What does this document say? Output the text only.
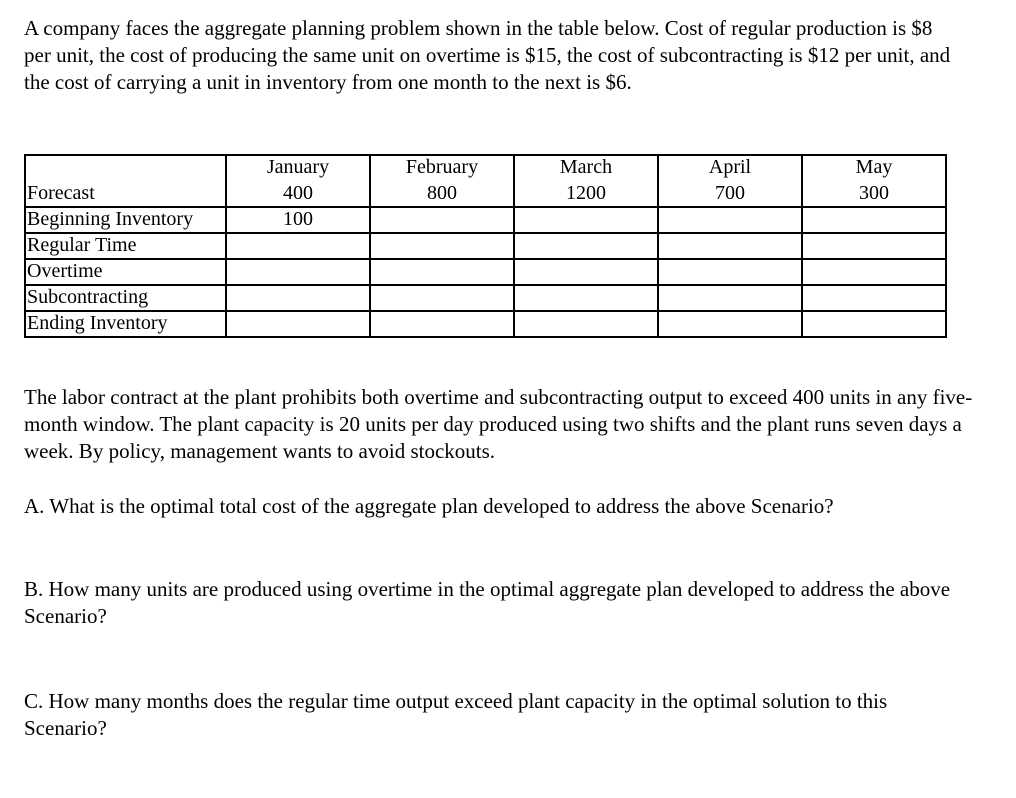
A company faces the aggregate planning problem shown in the table below. Cost of regular production is $8 per unit, the cost of producing the same unit on overtime is $15, the cost of subcontracting is $12 per unit, and the cost of carrying a unit in inventory from one month to the next is $6.

	January	February	March	April	May
Forecast	400	800	1200	700	300
Beginning Inventory	100				
Regular Time					
Overtime					
Subcontracting					
Ending Inventory					

The labor contract at the plant prohibits both overtime and subcontracting output to exceed 400 units in any five-month window. The plant capacity is 20 units per day produced using two shifts and the plant runs seven days a week. By policy, management wants to avoid stockouts.

A. What is the optimal total cost of the aggregate plan developed to address the above Scenario?

B. How many units are produced using overtime in the optimal aggregate plan developed to address the above Scenario?

C. How many months does the regular time output exceed plant capacity in the optimal solution to this Scenario?
